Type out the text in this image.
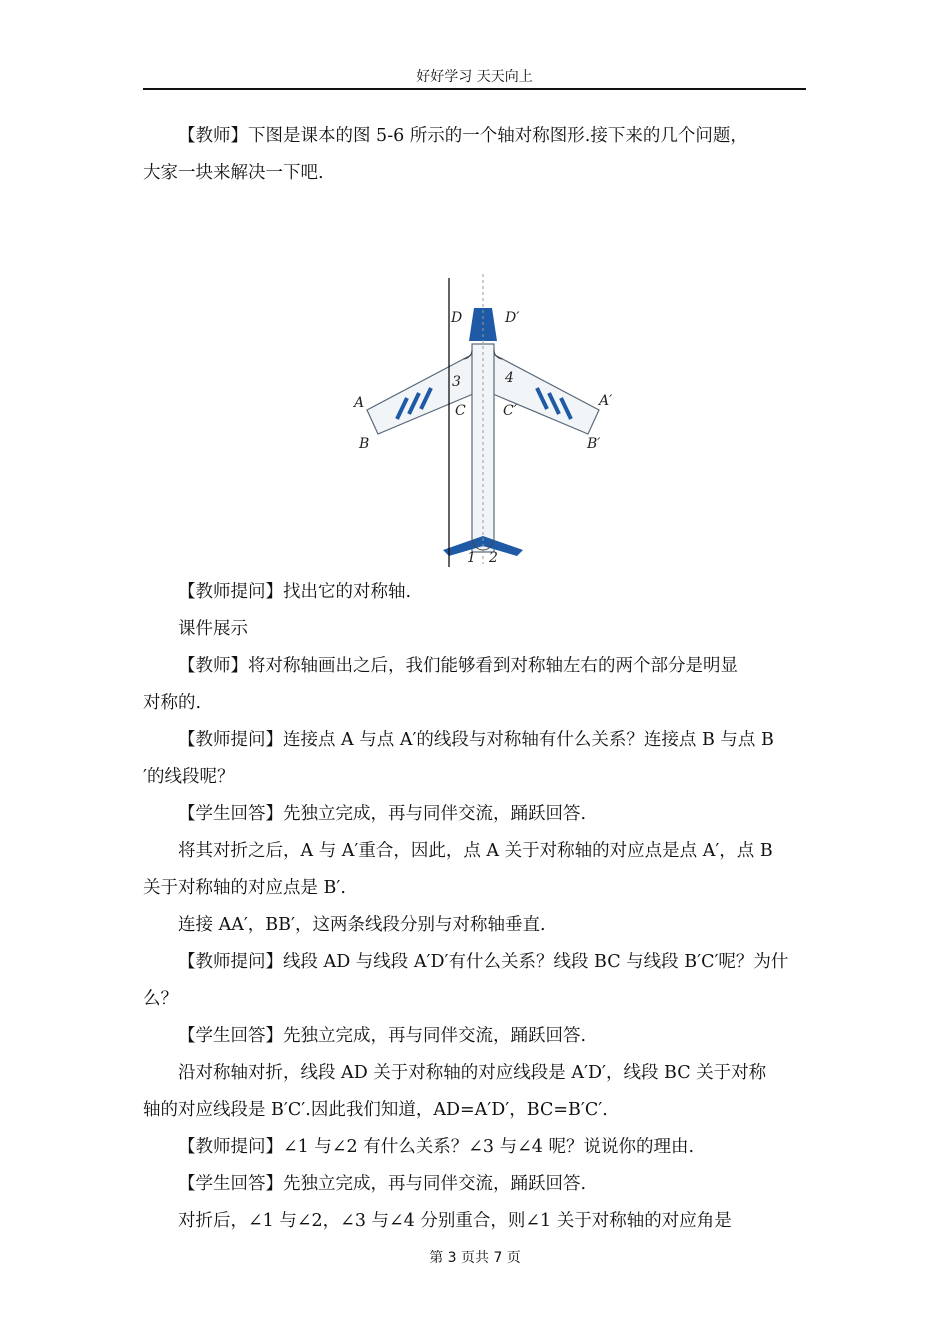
好好学习 天天向上

【教师】下图是课本的图 5-6 所示的一个轴对称图形.接下来的几个问题，

大家一块来解决一下吧.

D	D′
A	A′
B	B′
C	C′
3	4
1 2

【教师提问】找出它的对称轴.

课件展示

【教师】将对称轴画出之后，我们能够看到对称轴左右的两个部分是明显

对称的.

【教师提问】连接点 A 与点 A′的线段与对称轴有什么关系？连接点 B 与点 B

′的线段呢？

【学生回答】先独立完成，再与同伴交流，踊跃回答.

将其对折之后，A 与 A′重合，因此，点 A 关于对称轴的对应点是点 A′，点 B

关于对称轴的对应点是 B′.

连接 AA′，BB′，这两条线段分别与对称轴垂直.

【教师提问】线段 AD 与线段 A′D′有什么关系？线段 BC 与线段 B′C′呢？为什

么？

【学生回答】先独立完成，再与同伴交流，踊跃回答.

沿对称轴对折，线段 AD 关于对称轴的对应线段是 A′D′，线段 BC 关于对称

轴的对应线段是 B′C′.因此我们知道，AD=A′D′，BC=B′C′.

【教师提问】∠1 与∠2 有什么关系？∠3 与∠4 呢？说说你的理由.

【学生回答】先独立完成，再与同伴交流，踊跃回答.

对折后，∠1 与∠2，∠3 与∠4 分别重合，则∠1 关于对称轴的对应角是

第 3 页共 7 页
